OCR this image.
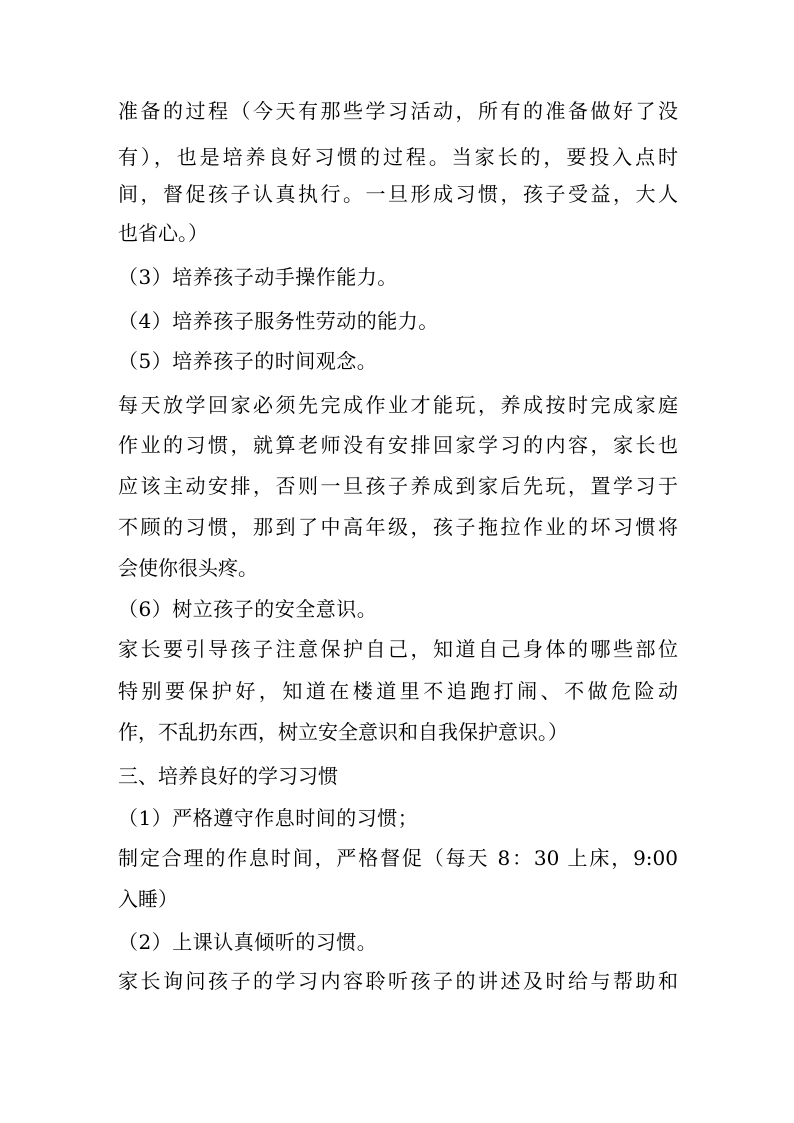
准备的过程（今天有那些学习活动，所有的准备做好了没
有），也是培养良好习惯的过程。当家长的，要投入点时
间，督促孩子认真执行。一旦形成习惯，孩子受益，大人
也省心。）
（3）培养孩子动手操作能力。
（4）培养孩子服务性劳动的能力。
（5）培养孩子的时间观念。
每天放学回家必须先完成作业才能玩，养成按时完成家庭
作业的习惯，就算老师没有安排回家学习的内容，家长也
应该主动安排，否则一旦孩子养成到家后先玩，置学习于
不顾的习惯，那到了中高年级，孩子拖拉作业的坏习惯将
会使你很头疼。
（6）树立孩子的安全意识。
家长要引导孩子注意保护自己，知道自己身体的哪些部位
特别要保护好，知道在楼道里不追跑打闹、不做危险动
作，不乱扔东西，树立安全意识和自我保护意识。）
三、培养良好的学习习惯
（1）严格遵守作息时间的习惯；
制定合理的作息时间，严格督促（每天 8：30 上床，9:00
入睡）
（2）上课认真倾听的习惯。
家长询问孩子的学习内容聆听孩子的讲述及时给与帮助和
